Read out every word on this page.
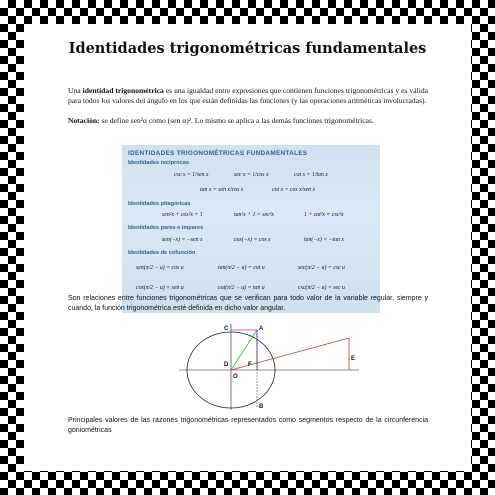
Identidades trigonométricas fundamentales

Una identidad trigonométrica es una igualdad entre expresiones que contienen funciones trigonométricas y es válida para todos los valores del ángulo en los que están definidas las funciones (y las operaciones aritméticas involucradas).

Notación: se define sen²α como (sen α)². Lo mismo se aplica a las demás funciones trigonométricas.

IDENTIDADES TRIGONOMÉTRICAS FUNDAMENTALES
Identidades recíprocas
csc x = 1/sen x	sec x = 1/cos x	cot x = 1/tan x
tan x = sen x/cos x	cot x = cos x/sen x
Identidades pitagóricas
sen²x + cos²x = 1	tan²x + 1 = sec²x	1 + cot²x = csc²x
Identidades pares e impares
sen(−x) = −sen x	cos(−x) = cos x	tan(−x) = −tan x
Identidades de cofunción
sen(π/2 − u) = cos u	tan(π/2 − u) = cot u	sec(π/2 − u) = csc u
cos(π/2 − u) = sen u	cot(π/2 − u) = tan u	csc(π/2 − u) = sec u

Son relaciones entre funciones trigonométricas que se verifican para todo valor de la variable regular, siempre y cuando, la función trigonométrica esté definida en dicho valor angular.

A
C
D
O
F
B
E

Principales valores de las razones trigonométricas representados como segmentos respecto de la circunferencia goniométricas
